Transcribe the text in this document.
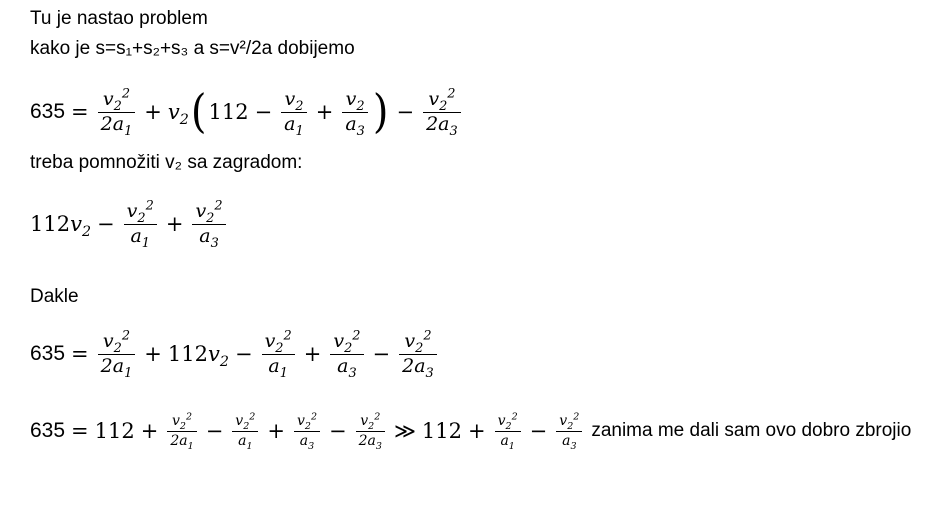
Tu je nastao problem
kako je s=s₁+s₂+s₃ a s=v²/2a dobijemo
$635 = \frac{v_2^2}{2a_1} + v_2$ ( $112 - \frac{v_2}{a_1} + \frac{v_2}{a_3}$ ) − $\frac{v_2^2}{2a_3}$
treba pomnožiti v₂ sa zagradom:
112 $v_2 - \frac{v_2^2}{a_1} + \frac{v_2^2}{a_3}$
Dakle
$635 = \frac{v_2^2}{2a_1} + 112$ $v_2 - \frac{v_2^2}{a_1} + \frac{v_2^2}{a_3} - \frac{v_2^2}{2a_3}$
$635 = 112 + \frac{v_2^2}{2a_1} - \frac{v_2^2}{a_1} + \frac{v_2^2}{a_3} - \frac{v_2^2}{2a_3}$ ≫ $112 + \frac{v_2^2}{a_1} - \frac{v_2^2}{a_3}$ zanima me dali sam ovo dobro zbrojio
